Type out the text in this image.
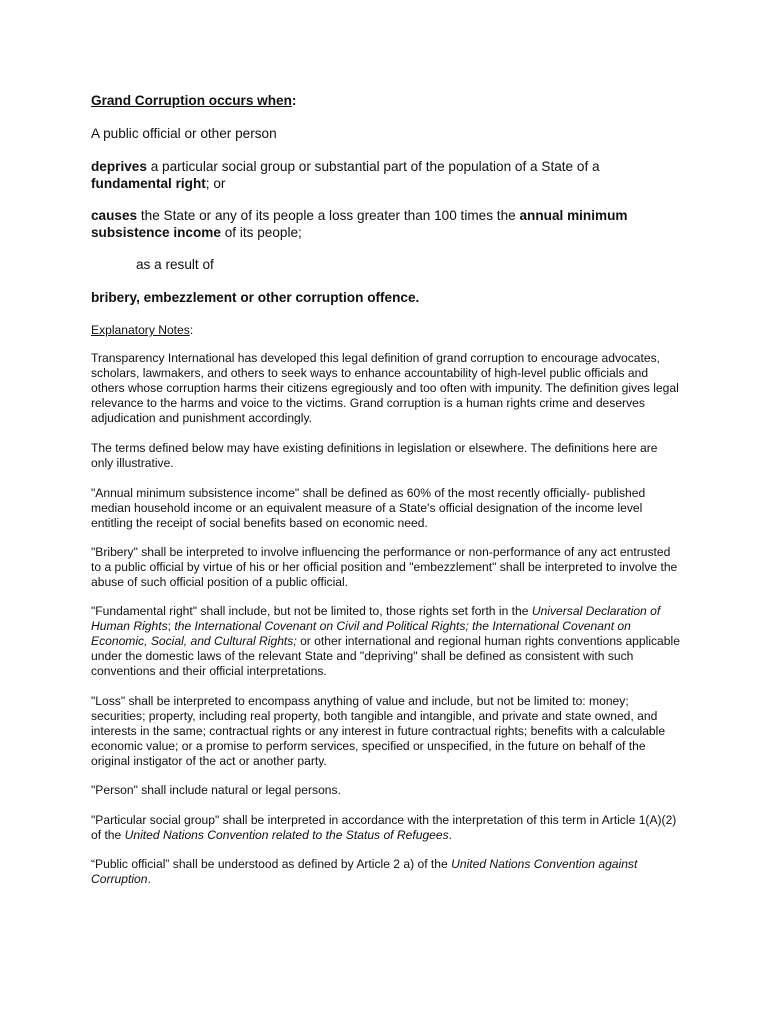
Grand Corruption occurs when:

A public official or other person

deprives a particular social group or substantial part of the population of a State of a fundamental right; or

causes the State or any of its people a loss greater than 100 times the annual minimum subsistence income of its people;

as a result of

bribery, embezzlement or other corruption offence.

Explanatory Notes:

Transparency International has developed this legal definition of grand corruption to encourage advocates, scholars, lawmakers, and others to seek ways to enhance accountability of high-level public officials and others whose corruption harms their citizens egregiously and too often with impunity. The definition gives legal relevance to the harms and voice to the victims. Grand corruption is a human rights crime and deserves adjudication and punishment accordingly.

The terms defined below may have existing definitions in legislation or elsewhere. The definitions here are only illustrative.

"Annual minimum subsistence income" shall be defined as 60% of the most recently officially- published median household income or an equivalent measure of a State's official designation of the income level entitling the receipt of social benefits based on economic need.

"Bribery" shall be interpreted to involve influencing the performance or non-performance of any act entrusted to a public official by virtue of his or her official position and "embezzlement" shall be interpreted to involve the abuse of such official position of a public official.

"Fundamental right" shall include, but not be limited to, those rights set forth in the Universal Declaration of Human Rights; the International Covenant on Civil and Political Rights; the International Covenant on Economic, Social, and Cultural Rights; or other international and regional human rights conventions applicable under the domestic laws of the relevant State and "depriving" shall be defined as consistent with such conventions and their official interpretations.

"Loss" shall be interpreted to encompass anything of value and include, but not be limited to: money; securities; property, including real property, both tangible and intangible, and private and state owned, and interests in the same; contractual rights or any interest in future contractual rights; benefits with a calculable economic value; or a promise to perform services, specified or unspecified, in the future on behalf of the original instigator of the act or another party.

"Person" shall include natural or legal persons.

"Particular social group" shall be interpreted in accordance with the interpretation of this term in Article 1(A)(2) of the United Nations Convention related to the Status of Refugees.

“Public official” shall be understood as defined by Article 2 a) of the United Nations Convention against Corruption.
